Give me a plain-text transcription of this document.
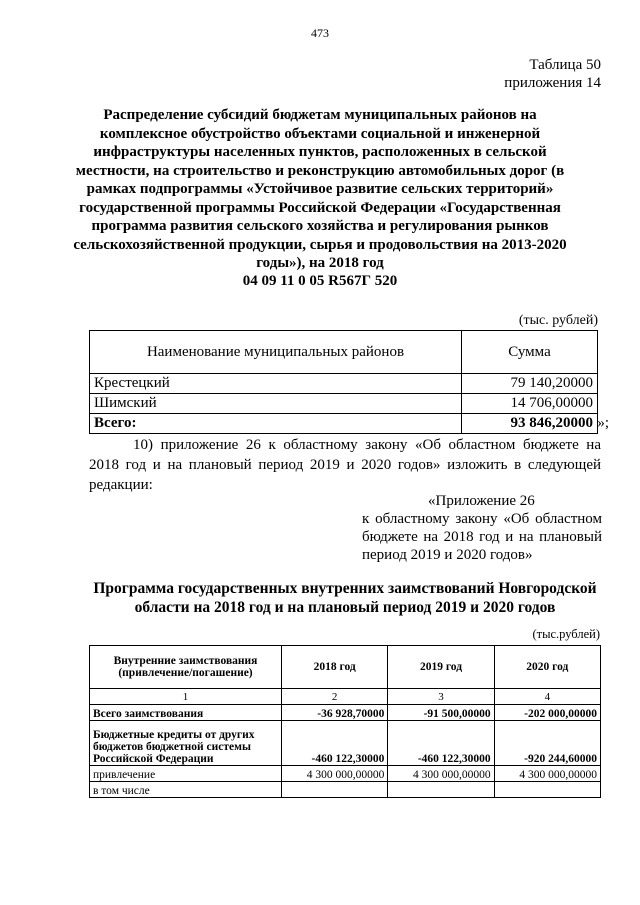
473
Таблица 50
приложения 14
Распределение субсидий бюджетам муниципальных районов на комплексное обустройство объектами социальной и инженерной инфраструктуры населенных пунктов, расположенных в сельской местности, на строительство и реконструкцию автомобильных дорог (в рамках подпрограммы «Устойчивое развитие сельских территорий» государственной программы Российской Федерации «Государственная программа развития сельского хозяйства и регулирования рынков сельскохозяйственной продукции, сырья и продовольствия на 2013-2020 годы»), на 2018 год
04 09 11 0 05 R567Г 520
(тыс. рублей)
Наименование муниципальных районов	Сумма
Крестецкий	79 140,20000
Шимский	14 706,00000
Всего:	93 846,20000 »;
10) приложение 26 к областному закону «Об областном бюджете на
2018 год и на плановый период 2019 и 2020 годов» изложить в следующей
редакции:
«Приложение 26
к областному закону «Об областном бюджете на 2018 год и на плановый период 2019 и 2020 годов»
Программа государственных внутренних заимствований Новгородской
области на 2018 год и на плановый период 2019 и 2020 годов
(тыс.рублей)
Внутренние заимствования (привлечение/погашение)	2018 год	2019 год	2020 год
1	2	3	4
Всего заимствования	-36 928,70000	-91 500,00000	-202 000,00000
Бюджетные кредиты от других бюджетов бюджетной системы Российской Федерации	-460 122,30000	-460 122,30000	-920 244,60000
привлечение	4 300 000,00000	4 300 000,00000	4 300 000,00000
в том числе			
